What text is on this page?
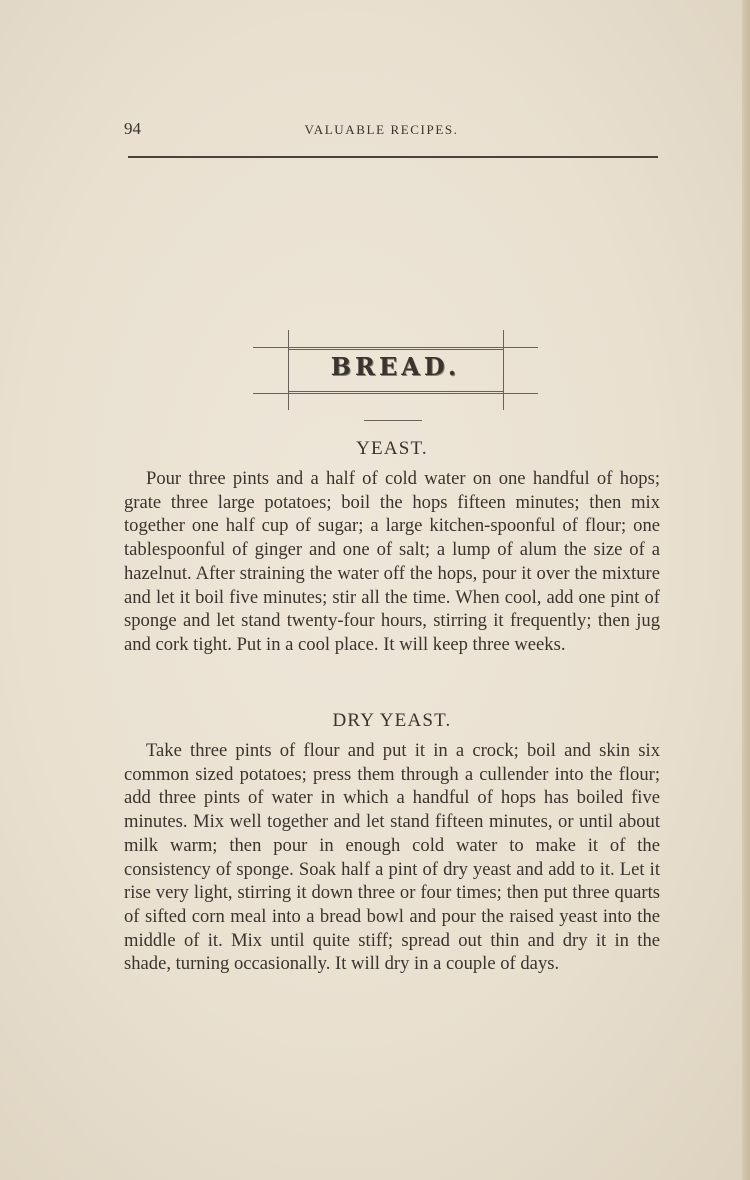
94	VALUABLE RECIPES.
BREAD.
YEAST.

Pour three pints and a half of cold water on one handful of hops; grate three large potatoes; boil the hops fifteen minutes; then mix together one half cup of sugar; a large kitchen-spoonful of flour; one tablespoonful of ginger and one of salt; a lump of alum the size of a hazelnut. After straining the water off the hops, pour it over the mixture and let it boil five minutes; stir all the time. When cool, add one pint of sponge and let stand twenty-four hours, stirring it frequently; then jug and cork tight. Put in a cool place. It will keep three weeks.

DRY YEAST.

Take three pints of flour and put it in a crock; boil and skin six common sized potatoes; press them through a cullender into the flour; add three pints of water in which a handful of hops has boiled five minutes. Mix well together and let stand fifteen minutes, or until about milk warm; then pour in enough cold water to make it of the consistency of sponge. Soak half a pint of dry yeast and add to it. Let it rise very light, stirring it down three or four times; then put three quarts of sifted corn meal into a bread bowl and pour the raised yeast into the middle of it. Mix until quite stiff; spread out thin and dry it in the shade, turning occasionally. It will dry in a couple of days.
